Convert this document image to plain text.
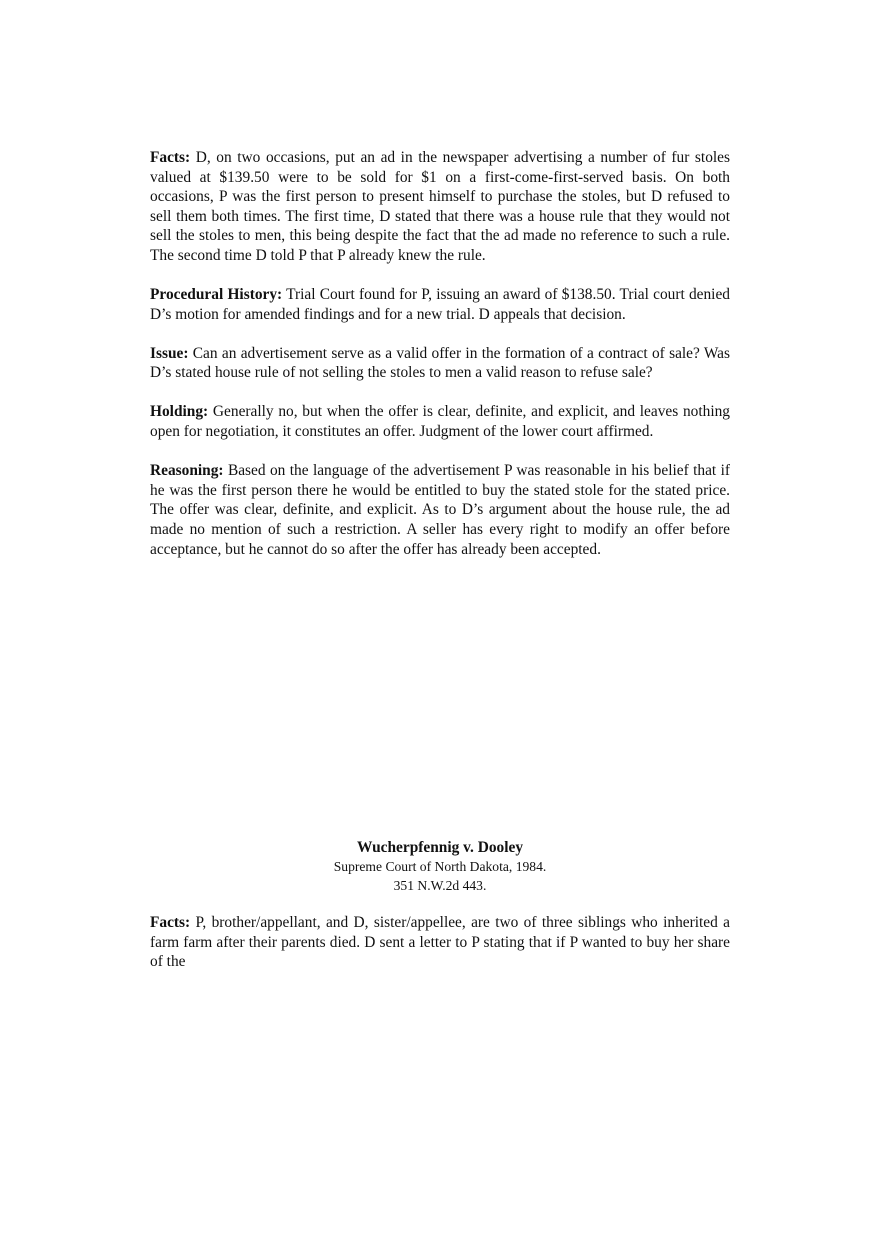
Facts: D, on two occasions, put an ad in the newspaper advertising a number of fur stoles valued at $139.50 were to be sold for $1 on a first-come-first-served basis. On both occasions, P was the first person to present himself to purchase the stoles, but D refused to sell them both times. The first time, D stated that there was a house rule that they would not sell the stoles to men, this being despite the fact that the ad made no reference to such a rule. The second time D told P that P already knew the rule.

Procedural History: Trial Court found for P, issuing an award of $138.50. Trial court denied D’s motion for amended findings and for a new trial. D appeals that decision.

Issue: Can an advertisement serve as a valid offer in the formation of a contract of sale? Was D’s stated house rule of not selling the stoles to men a valid reason to refuse sale?

Holding: Generally no, but when the offer is clear, definite, and explicit, and leaves nothing open for negotiation, it constitutes an offer. Judgment of the lower court affirmed.

Reasoning: Based on the language of the advertisement P was reasonable in his belief that if he was the first person there he would be entitled to buy the stated stole for the stated price. The offer was clear, definite, and explicit. As to D’s argument about the house rule, the ad made no mention of such a restriction. A seller has every right to modify an offer before acceptance, but he cannot do so after the offer has already been accepted.

Wucherpfennig v. Dooley

Supreme Court of North Dakota, 1984.

351 N.W.2d 443.

Facts: P, brother/appellant, and D, sister/appellee, are two of three siblings who inherited a farm farm after their parents died. D sent a letter to P stating that if P wanted to buy her share of the
